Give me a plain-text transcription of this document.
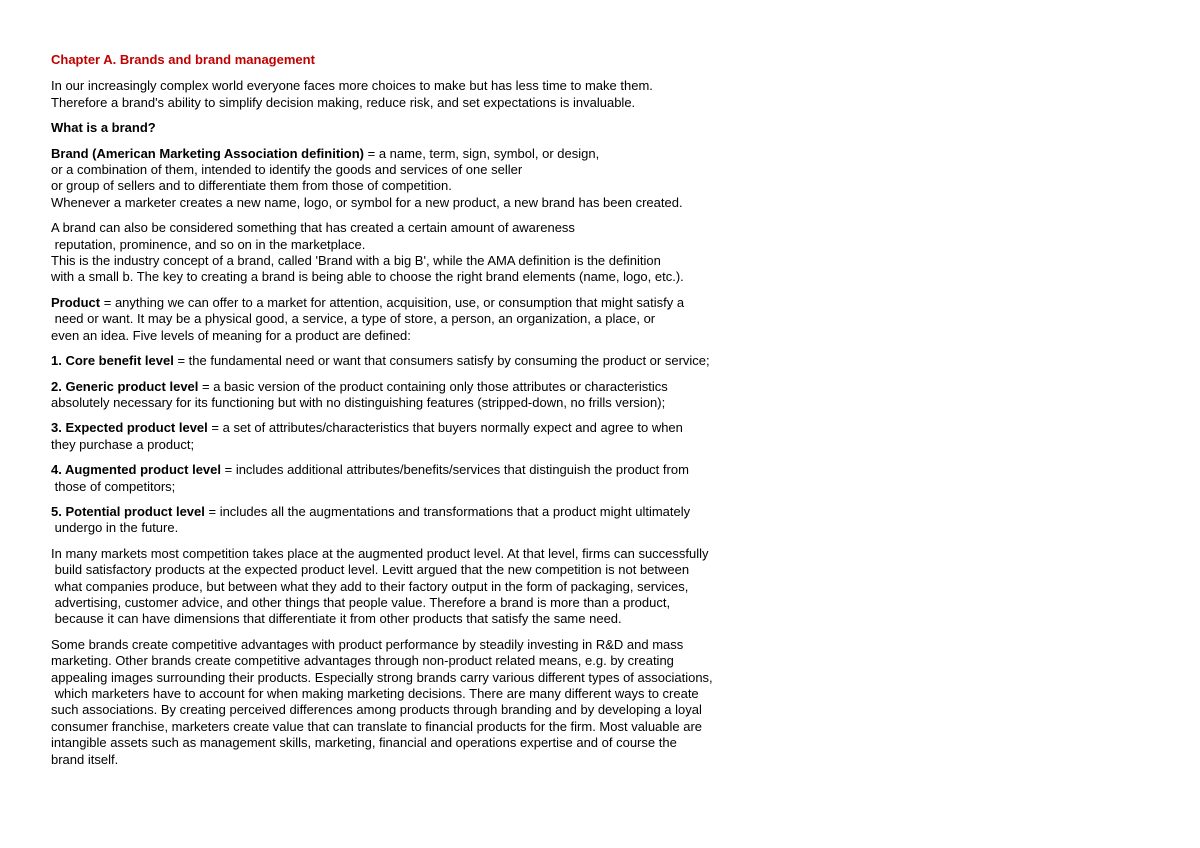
Chapter A. Brands and brand management
In our increasingly complex world everyone faces more choices to make but has less time to make them.
Therefore a brand's ability to simplify decision making, reduce risk, and set expectations is invaluable.
What is a brand?
Brand (American Marketing Association definition) = a name, term, sign, symbol, or design,
or a combination of them, intended to identify the goods and services of one seller
or group of sellers and to differentiate them from those of competition.
Whenever a marketer creates a new name, logo, or symbol for a new product, a new brand has been created.
A brand can also be considered something that has created a certain amount of awareness
reputation, prominence, and so on in the marketplace.
This is the industry concept of a brand, called 'Brand with a big B', while the AMA definition is the definition
with a small b. The key to creating a brand is being able to choose the right brand elements (name, logo, etc.).
Product = anything we can offer to a market for attention, acquisition, use, or consumption that might satisfy a
need or want. It may be a physical good, a service, a type of store, a person, an organization, a place, or
even an idea. Five levels of meaning for a product are defined:
1. Core benefit level = the fundamental need or want that consumers satisfy by consuming the product or service;
2. Generic product level = a basic version of the product containing only those attributes or characteristics
absolutely necessary for its functioning but with no distinguishing features (stripped-down, no frills version);
3. Expected product level = a set of attributes/characteristics that buyers normally expect and agree to when
they purchase a product;
4. Augmented product level = includes additional attributes/benefits/services that distinguish the product from
those of competitors;
5. Potential product level = includes all the augmentations and transformations that a product might ultimately
undergo in the future.
In many markets most competition takes place at the augmented product level. At that level, firms can successfully
build satisfactory products at the expected product level. Levitt argued that the new competition is not between
what companies produce, but between what they add to their factory output in the form of packaging, services,
advertising, customer advice, and other things that people value. Therefore a brand is more than a product,
because it can have dimensions that differentiate it from other products that satisfy the same need.
Some brands create competitive advantages with product performance by steadily investing in R&D and mass
marketing. Other brands create competitive advantages through non-product related means, e.g. by creating
appealing images surrounding their products. Especially strong brands carry various different types of associations,
which marketers have to account for when making marketing decisions. There are many different ways to create
such associations. By creating perceived differences among products through branding and by developing a loyal
consumer franchise, marketers create value that can translate to financial products for the firm. Most valuable are
intangible assets such as management skills, marketing, financial and operations expertise and of course the
brand itself.
